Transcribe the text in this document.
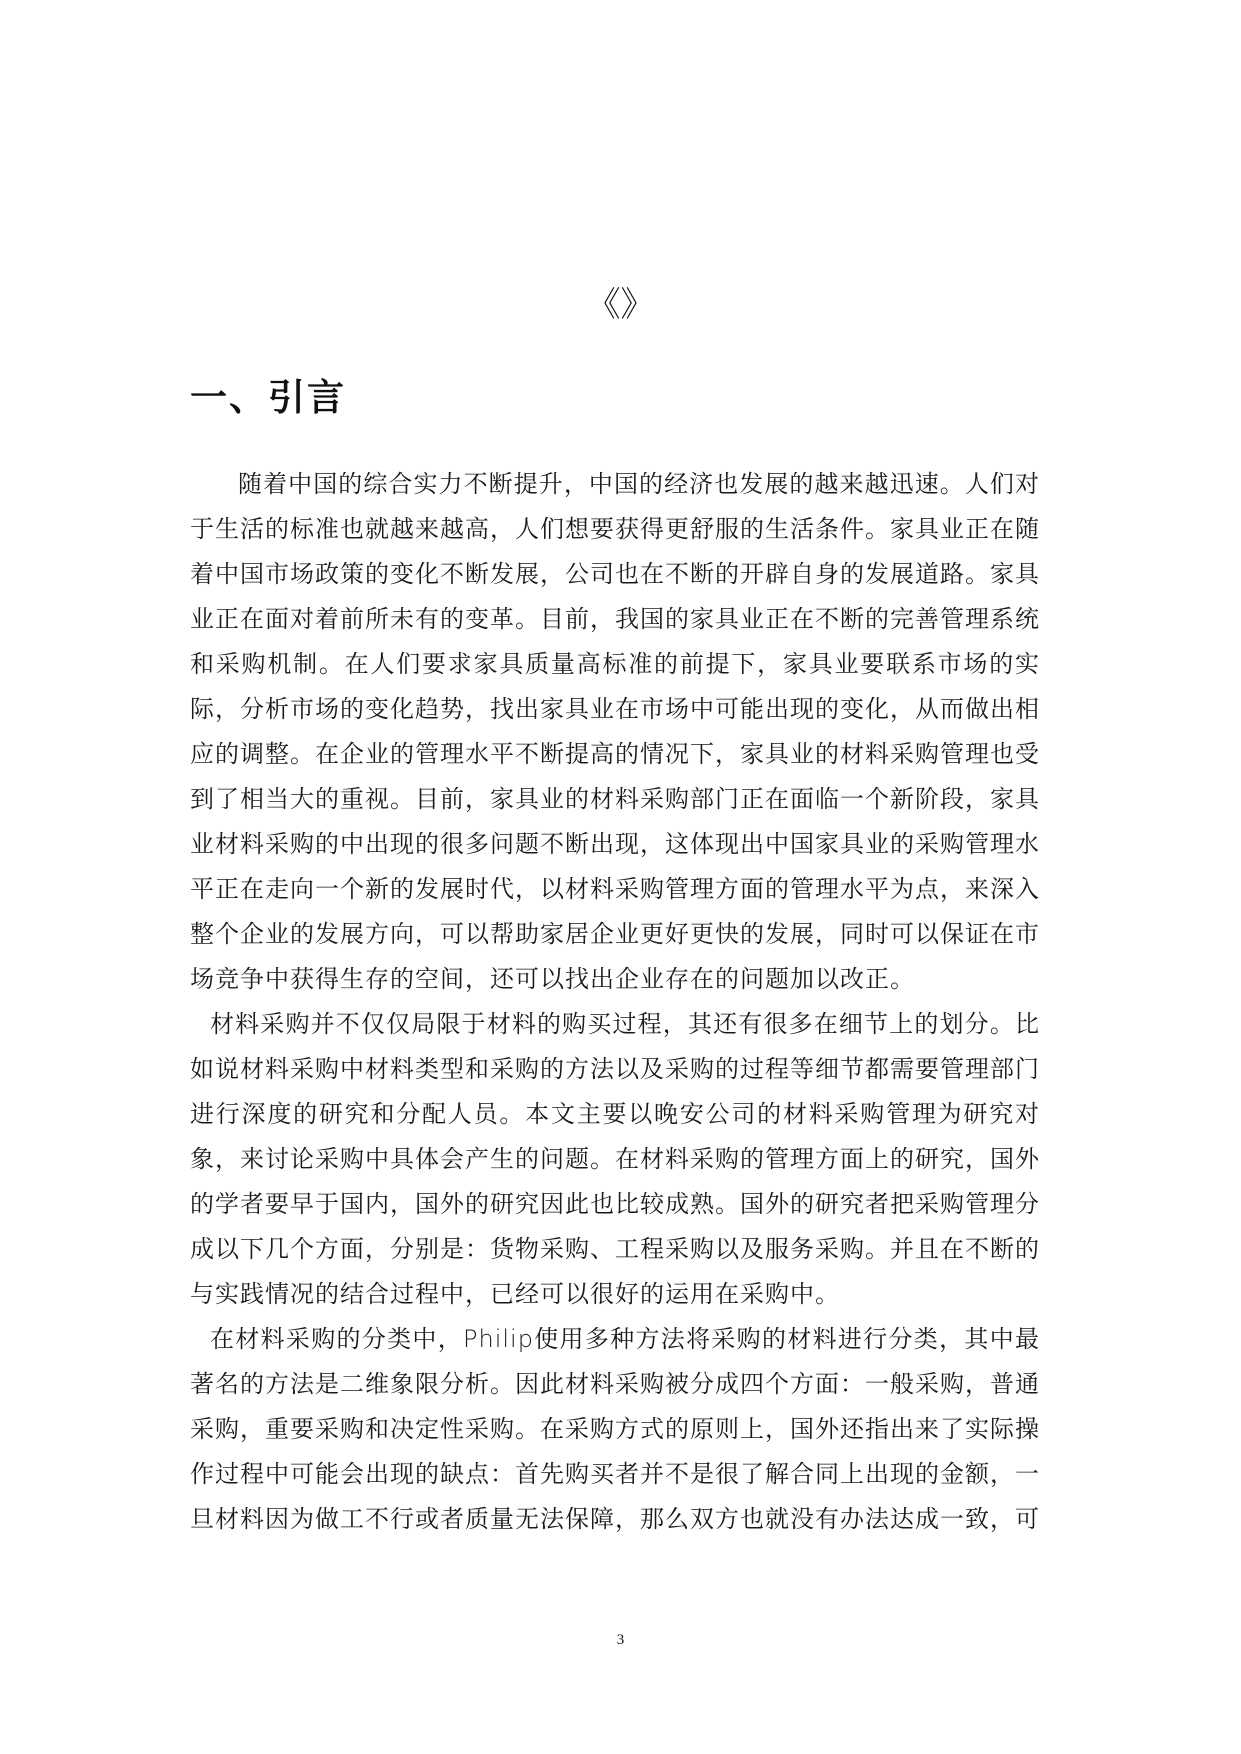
《》
一、引言

随着中国的综合实力不断提升，中国的经济也发展的越来越迅速。人们对于生活的标准也就越来越高，人们想要获得更舒服的生活条件。家具业正在随着中国市场政策的变化不断发展，公司也在不断的开辟自身的发展道路。家具业正在面对着前所未有的变革。目前，我国的家具业正在不断的完善管理系统和采购机制。在人们要求家具质量高标准的前提下，家具业要联系市场的实际，分析市场的变化趋势，找出家具业在市场中可能出现的变化，从而做出相应的调整。在企业的管理水平不断提高的情况下，家具业的材料采购管理也受到了相当大的重视。目前，家具业的材料采购部门正在面临一个新阶段，家具业材料采购的中出现的很多问题不断出现，这体现出中国家具业的采购管理水平正在走向一个新的发展时代，以材料采购管理方面的管理水平为点，来深入整个企业的发展方向，可以帮助家居企业更好更快的发展，同时可以保证在市场竞争中获得生存的空间，还可以找出企业存在的问题加以改正。

材料采购并不仅仅局限于材料的购买过程，其还有很多在细节上的划分。比如说材料采购中材料类型和采购的方法以及采购的过程等细节都需要管理部门进行深度的研究和分配人员。本文主要以晚安公司的材料采购管理为研究对象，来讨论采购中具体会产生的问题。在材料采购的管理方面上的研究，国外的学者要早于国内，国外的研究因此也比较成熟。国外的研究者把采购管理分成以下几个方面，分别是：货物采购、工程采购以及服务采购。并且在不断的与实践情况的结合过程中，已经可以很好的运用在采购中。

在材料采购的分类中，Philip使用多种方法将采购的材料进行分类，其中最著名的方法是二维象限分析。因此材料采购被分成四个方面：一般采购，普通采购，重要采购和决定性采购。在采购方式的原则上，国外还指出来了实际操作过程中可能会出现的缺点：首先购买者并不是很了解合同上出现的金额，一旦材料因为做工不行或者质量无法保障，那么双方也就没有办法达成一致，可

3
